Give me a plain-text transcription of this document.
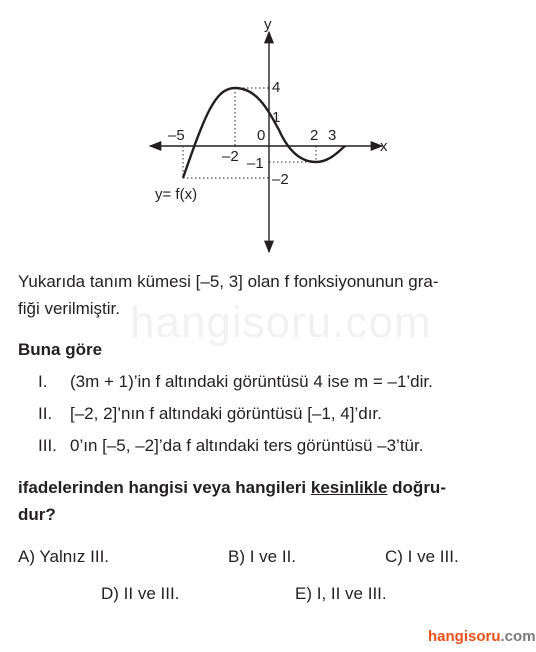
y
x
–5
–2
0	2 3
4
1
–1
–2
y= f(x)
hangisoru.com
Yukarıda tanım kümesi [–5, 3] olan f fonksiyonunun gra-
fiği verilmiştir.
Buna göre
I. (3m + 1)’in f altındaki görüntüsü 4 ise m = –1’dir.
II. [–2, 2]’nın f altındaki görüntüsü [–1, 4]’dır.
III. 0’ın [–5, –2]’da f altındaki ters görüntüsü –3’tür.
ifadelerinden hangisi veya hangileri kesinlikle doğru-
dur?
A) Yalnız III.	B) I ve II.	C) I ve III.
D) II ve III.	E) I, II ve III.
hangisoru.com
